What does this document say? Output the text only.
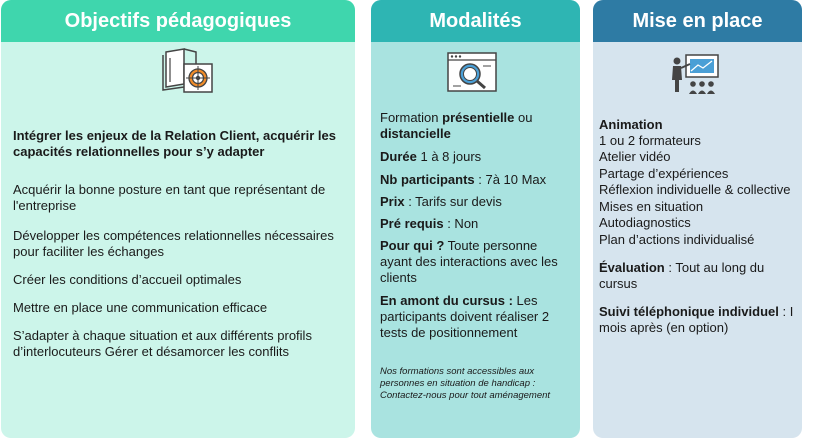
Objectifs pédagogiques
Intégrer les enjeux de la Relation Client, acquérir les capacités relationnelles pour s’y adapter
Acquérir la bonne posture en tant que représentant de l'entreprise
Développer les compétences relationnelles nécessaires pour faciliter les échanges
Créer les conditions d’accueil optimales
Mettre en place une communication efficace
S’adapter à chaque situation et aux différents profils d’interlocuteurs Gérer et désamorcer les conflits
Modalités
Formation présentielle ou distancielle
Durée 1 à 8 jours
Nb participants : 7à 10 Max
Prix : Tarifs sur devis
Pré requis : Non
Pour qui ? Toute personne ayant des interactions avec les clients
En amont du cursus : Les participants doivent réaliser 2 tests de positionnement
Nos formations sont accessibles aux personnes en situation de handicap : Contactez-nous pour tout aménagement
Mise en place
Animation
1 ou 2 formateurs
Atelier vidéo
Partage d’expériences
Réflexion individuelle & collective
Mises en situation
Autodiagnostics
Plan d’actions individualisé
Évaluation : Tout au long du cursus
Suivi téléphonique individuel : I mois après (en option)
